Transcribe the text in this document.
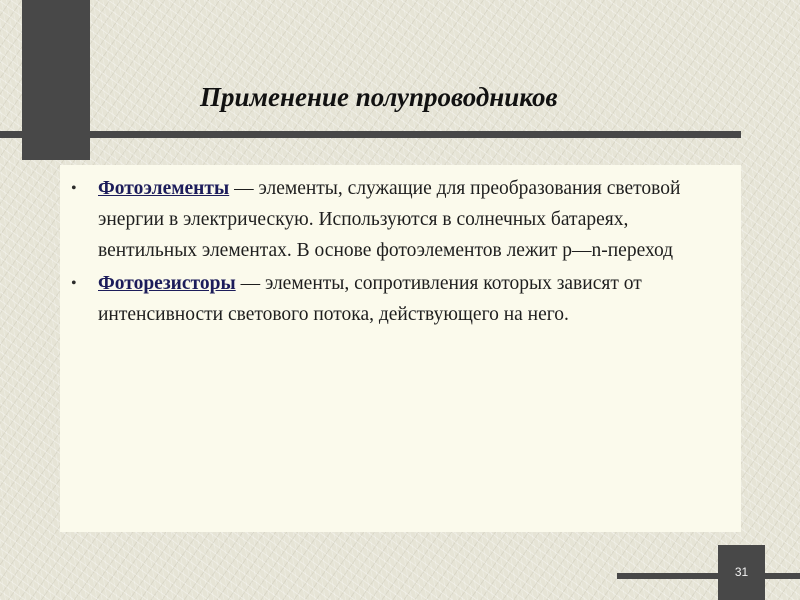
Применение полупроводников
• Фотоэлементы — элементы, служащие для преобразования световой энергии в электрическую. Используются в солнечных батареях, вентильных элементах. В основе фотоэлементов лежит p—n-переход
• Фоторезисторы — элементы, сопротивления которых зависят от интенсивности светового потока, действующего на него.
31
